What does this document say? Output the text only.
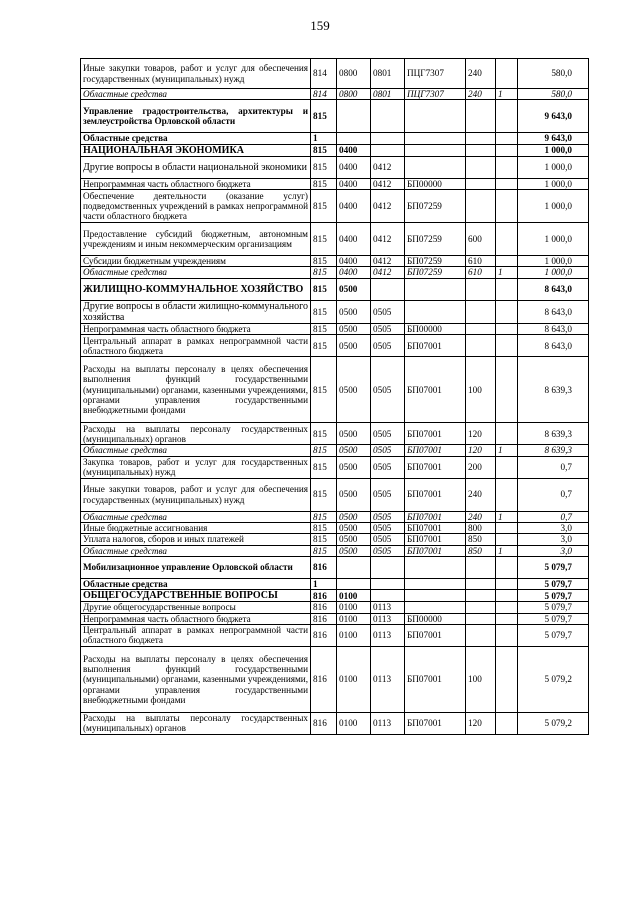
159
Иные закупки товаров, работ и услуг для обеспечения государственных (муниципальных) нужд	814	0800	0801	ПЦГ7307	240		580,0
Областные средства	814	0800	0801	ПЦГ7307	240	1	580,0
Управление градостроительства, архитектуры и землеустройства Орловской области	815						9 643,0
Областные средства	1						9 643,0
НАЦИОНАЛЬНАЯ ЭКОНОМИКА	815	0400					1 000,0
Другие вопросы в области национальной экономики	815	0400	0412				1 000,0
Непрограммная часть областного бюджета	815	0400	0412	БП00000			1 000,0
Обеспечение деятельности (оказание услуг) подведомственных учреждений в рамках непрограммной части областного бюджета	815	0400	0412	БП07259			1 000,0
Предоставление субсидий бюджетным, автономным учреждениям и иным некоммерческим организациям	815	0400	0412	БП07259	600		1 000,0
Субсидии бюджетным учреждениям	815	0400	0412	БП07259	610		1 000,0
Областные средства	815	0400	0412	БП07259	610	1	1 000,0
ЖИЛИЩНО-КОММУНАЛЬНОЕ ХОЗЯЙСТВО	815	0500					8 643,0
Другие вопросы в области жилищно-коммунального хозяйства	815	0500	0505				8 643,0
Непрограммная часть областного бюджета	815	0500	0505	БП00000			8 643,0
Центральный аппарат в рамках непрограммной части областного бюджета	815	0500	0505	БП07001			8 643,0
Расходы на выплаты персоналу в целях обеспечения выполнения функций государственными (муниципальными) органами, казенными учреждениями, органами управления государственными внебюджетными фондами	815	0500	0505	БП07001	100		8 639,3
Расходы на выплаты персоналу государственных (муниципальных) органов	815	0500	0505	БП07001	120		8 639,3
Областные средства	815	0500	0505	БП07001	120	1	8 639,3
Закупка товаров, работ и услуг для государственных (муниципальных) нужд	815	0500	0505	БП07001	200		0,7
Иные закупки товаров, работ и услуг для обеспечения государственных (муниципальных) нужд	815	0500	0505	БП07001	240		0,7
Областные средства	815	0500	0505	БП07001	240	1	0,7
Иные бюджетные ассигнования	815	0500	0505	БП07001	800		3,0
Уплата налогов, сборов и иных платежей	815	0500	0505	БП07001	850		3,0
Областные средства	815	0500	0505	БП07001	850	1	3,0
Мобилизационное управление Орловской области	816						5 079,7
Областные средства	1						5 079,7
ОБЩЕГОСУДАРСТВЕННЫЕ ВОПРОСЫ	816	0100					5 079,7
Другие общегосударственные вопросы	816	0100	0113				5 079,7
Непрограммная часть областного бюджета	816	0100	0113	БП00000			5 079,7
Центральный аппарат в рамках непрограммной части областного бюджета	816	0100	0113	БП07001			5 079,7
Расходы на выплаты персоналу в целях обеспечения выполнения функций государственными (муниципальными) органами, казенными учреждениями, органами управления государственными внебюджетными фондами	816	0100	0113	БП07001	100		5 079,2
Расходы на выплаты персоналу государственных (муниципальных) органов	816	0100	0113	БП07001	120		5 079,2
